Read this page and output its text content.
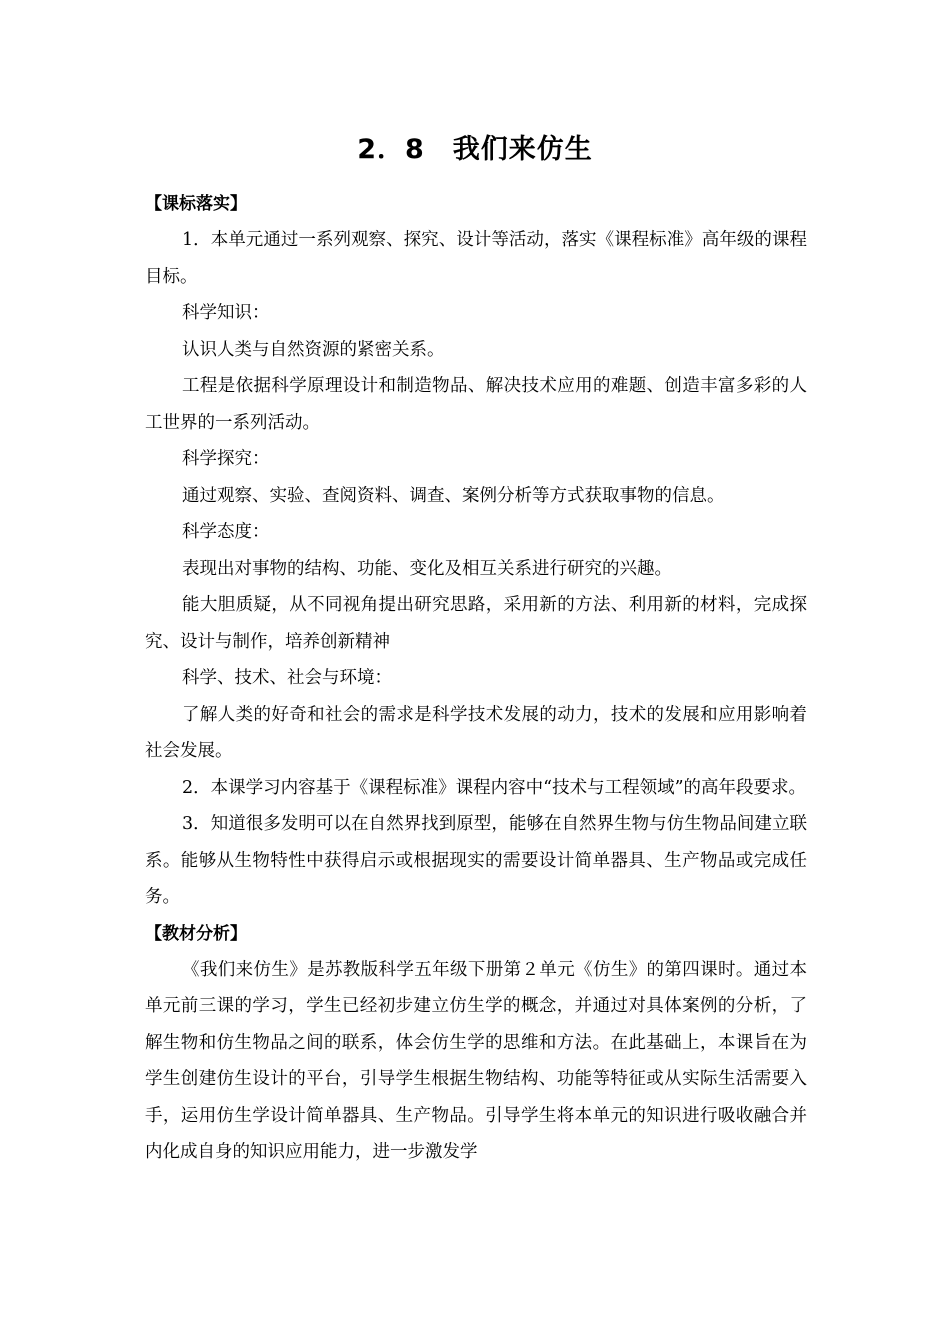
2．8　我们来仿生
【课标落实】

1．本单元通过一系列观察、探究、设计等活动，落实《课程标准》高年级的课程目标。

科学知识：

认识人类与自然资源的紧密关系。

工程是依据科学原理设计和制造物品、解决技术应用的难题、创造丰富多彩的人工世界的一系列活动。

科学探究：

通过观察、实验、查阅资料、调查、案例分析等方式获取事物的信息。

科学态度：

表现出对事物的结构、功能、变化及相互关系进行研究的兴趣。

能大胆质疑，从不同视角提出研究思路，采用新的方法、利用新的材料，完成探究、设计与制作，培养创新精神

科学、技术、社会与环境：

了解人类的好奇和社会的需求是科学技术发展的动力，技术的发展和应用影响着社会发展。

2．本课学习内容基于《课程标准》课程内容中“技术与工程领域”的高年段要求。

3．知道很多发明可以在自然界找到原型，能够在自然界生物与仿生物品间建立联系。能够从生物特性中获得启示或根据现实的需要设计简单器具、生产物品或完成任务。

【教材分析】

《我们来仿生》是苏教版科学五年级下册第２单元《仿生》的第四课时。通过本单元前三课的学习，学生已经初步建立仿生学的概念，并通过对具体案例的分析，了解生物和仿生物品之间的联系，体会仿生学的思维和方法。在此基础上，本课旨在为学生创建仿生设计的平台，引导学生根据生物结构、功能等特征或从实际生活需要入手，运用仿生学设计简单器具、生产物品。引导学生将本单元的知识进行吸收融合并内化成自身的知识应用能力，进一步激发学
